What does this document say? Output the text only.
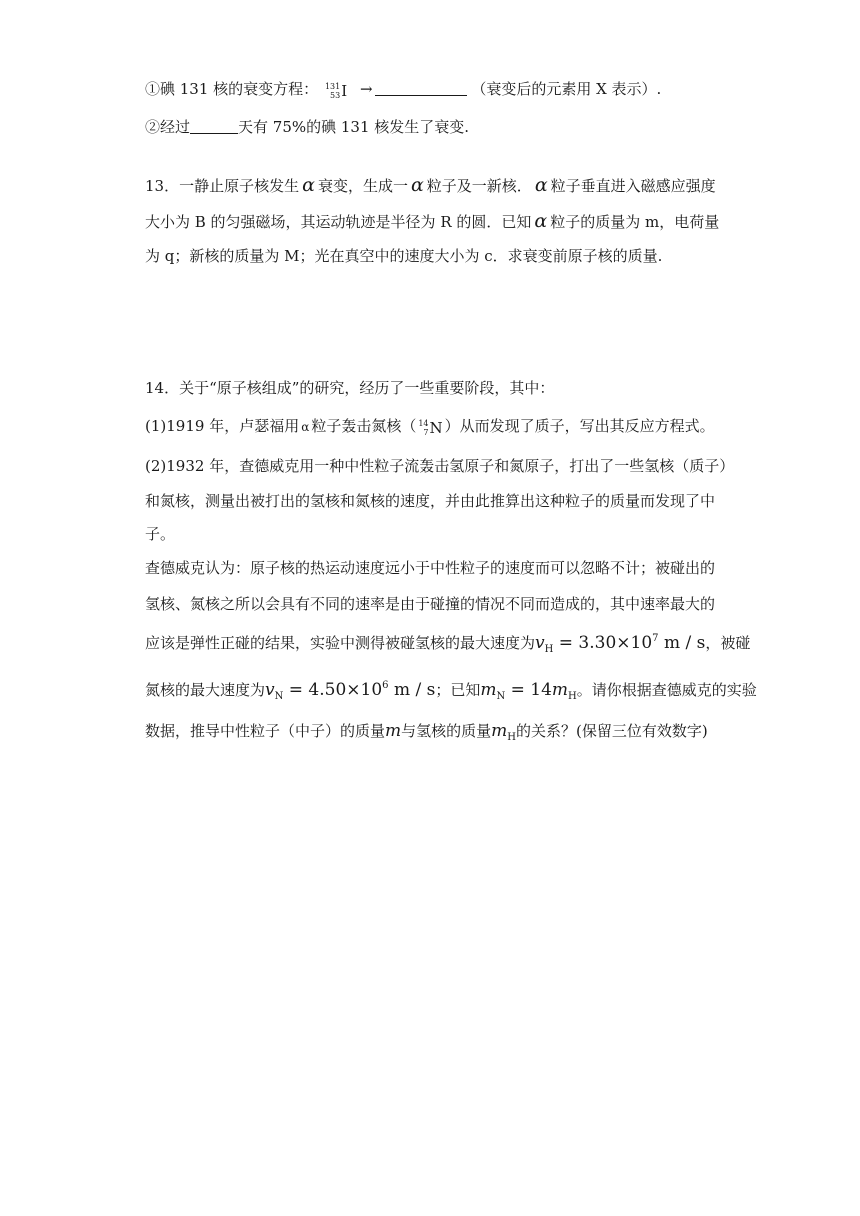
①碘 131 核的衰变方程： 131
53 I →	（衰变后的元素用 X 表示）.
②经过	天有 75%的碘 131 核发生了衰变.
13．一静止原子核发生 α 衰变，生成一 α 粒子及一新核． α 粒子垂直进入磁感应强度
大小为 B 的匀强磁场，其运动轨迹是半径为 R 的圆．已知 α 粒子的质量为 m，电荷量
为 q；新核的质量为 M；光在真空中的速度大小为 c．求衰变前原子核的质量.
14．关于“原子核组成”的研究，经历了一些重要阶段，其中：
(1)1919 年，卢瑟福用 α 粒子轰击氮核（ 14
7 N ）从而发现了质子，写出其反应方程式。
(2)1932 年，查德威克用一种中性粒子流轰击氢原子和氮原子，打出了一些氢核（质子）
和氮核，测量出被打出的氢核和氮核的速度，并由此推算出这种粒子的质量而发现了中
子。
查德威克认为：原子核的热运动速度远小于中性粒子的速度而可以忽略不计；被碰出的
氢核、氮核之所以会具有不同的速率是由于碰撞的情况不同而造成的，其中速率最大的
应该是弹性正碰的结果，实验中测得被碰氢核的最大速度为$v_H = 3.30\times 10^7$ m / s，被碰
氮核的最大速度为$v_N = 4.50\times 10^6$ m / s；已知$m_N = 14m_H$。请你根据查德威克的实验
数据，推导中性粒子（中子）的质量m与氢核的质量$m_H$的关系？(保留三位有效数字)
